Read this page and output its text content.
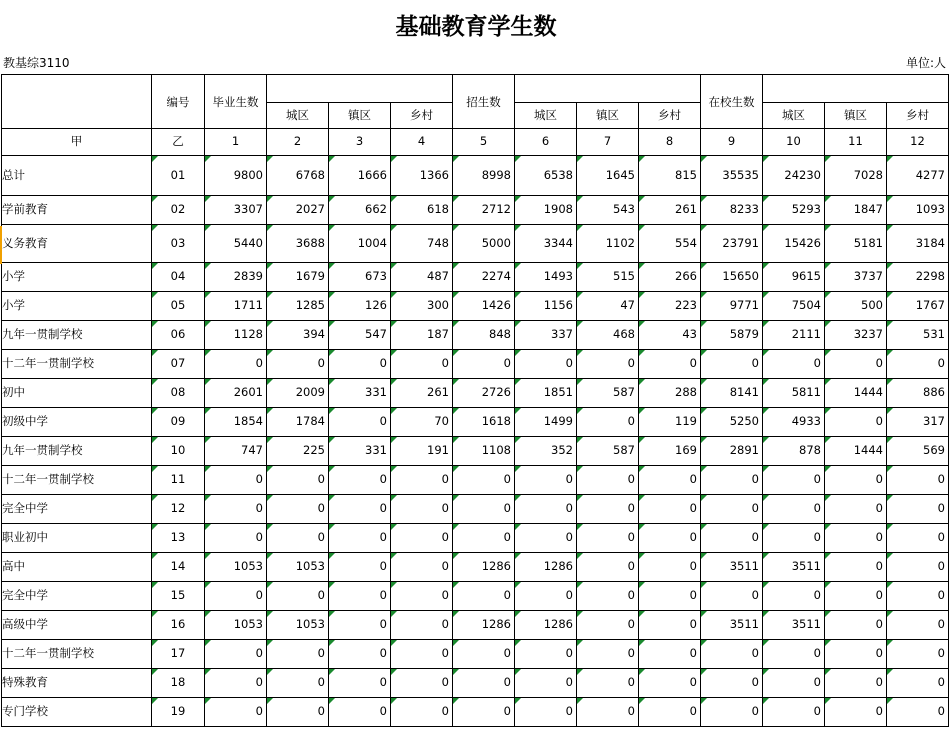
基础教育学生数
教基综3110	单位:人
	编号	毕业生数				招生数				在校生数			
			城区	镇区	乡村		城区	镇区	乡村		城区	镇区	乡村
甲	乙	1	2	3	4	5	6	7	8	9	10	11	12
总计	01	9800	6768	1666	1366	8998	6538	1645	815	35535	24230	7028	4277
学前教育	02	3307	2027	662	618	2712	1908	543	261	8233	5293	1847	1093
义务教育	03	5440	3688	1004	748	5000	3344	1102	554	23791	15426	5181	3184
小学	04	2839	1679	673	487	2274	1493	515	266	15650	9615	3737	2298
小学	05	1711	1285	126	300	1426	1156	47	223	9771	7504	500	1767
九年一贯制学校	06	1128	394	547	187	848	337	468	43	5879	2111	3237	531
十二年一贯制学校	07	0	0	0	0	0	0	0	0	0	0	0	0
初中	08	2601	2009	331	261	2726	1851	587	288	8141	5811	1444	886
初级中学	09	1854	1784	0	70	1618	1499	0	119	5250	4933	0	317
九年一贯制学校	10	747	225	331	191	1108	352	587	169	2891	878	1444	569
十二年一贯制学校	11	0	0	0	0	0	0	0	0	0	0	0	0
完全中学	12	0	0	0	0	0	0	0	0	0	0	0	0
职业初中	13	0	0	0	0	0	0	0	0	0	0	0	0
高中	14	1053	1053	0	0	1286	1286	0	0	3511	3511	0	0
完全中学	15	0	0	0	0	0	0	0	0	0	0	0	0
高级中学	16	1053	1053	0	0	1286	1286	0	0	3511	3511	0	0
十二年一贯制学校	17	0	0	0	0	0	0	0	0	0	0	0	0
特殊教育	18	0	0	0	0	0	0	0	0	0	0	0	0
专门学校	19	0	0	0	0	0	0	0	0	0	0	0	0
